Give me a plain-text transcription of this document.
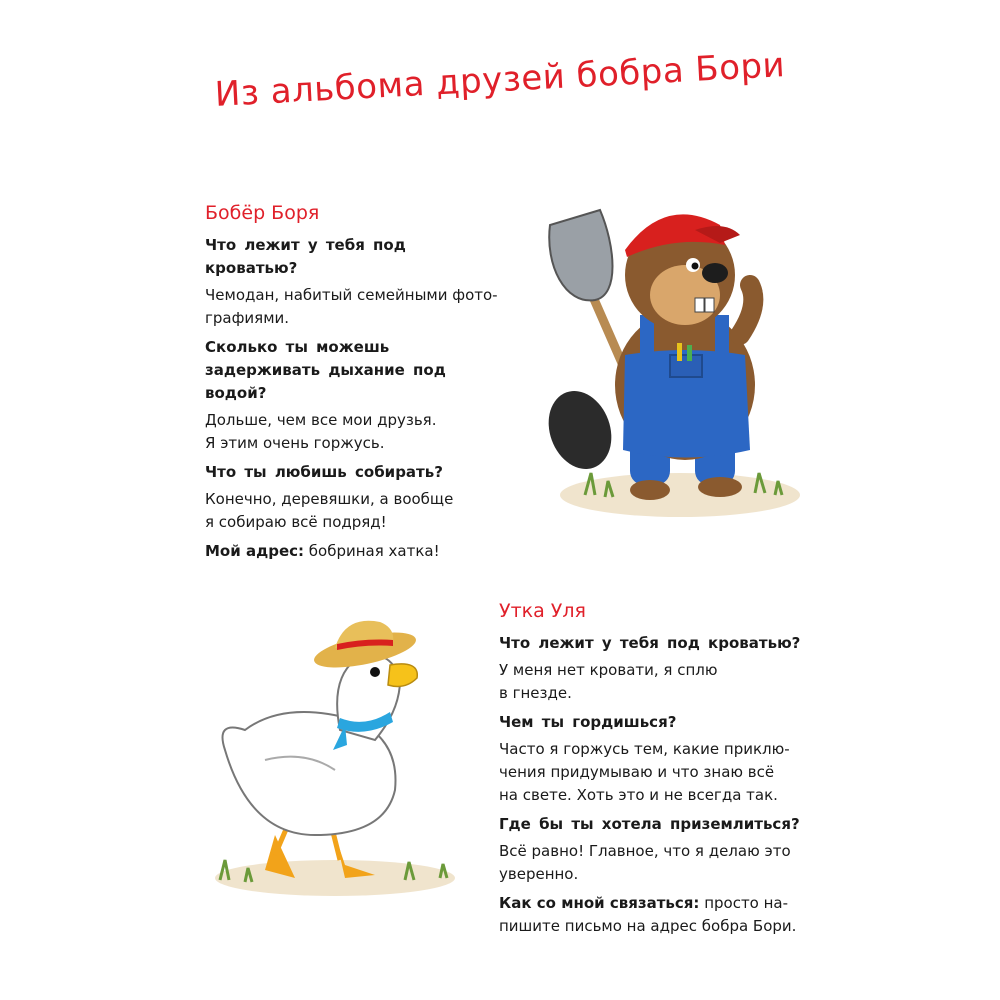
Из альбома друзей бобра Бори
Бобёр Боря
Что лежит у тебя под кроватью?
Чемодан, набитый семейными фото-
графиями.
Сколько ты можешь задерживать дыхание под водой?
Дольше, чем все мои друзья.
Я этим очень горжусь.
Что ты любишь собирать?
Конечно, деревяшки, а вообще
я собираю всё подряд!
Мой адрес: бобриная хатка!
Утка Уля
Что лежит у тебя под кроватью?
У меня нет кровати, я сплю
в гнезде.
Чем ты гордишься?
Часто я горжусь тем, какие приклю-
чения придумываю и что знаю всё
на свете. Хоть это и не всегда так.
Где бы ты хотела приземлиться?
Всё равно! Главное, что я делаю это
уверенно.
Как со мной связаться: просто на-
пишите письмо на адрес бобра Бори.
